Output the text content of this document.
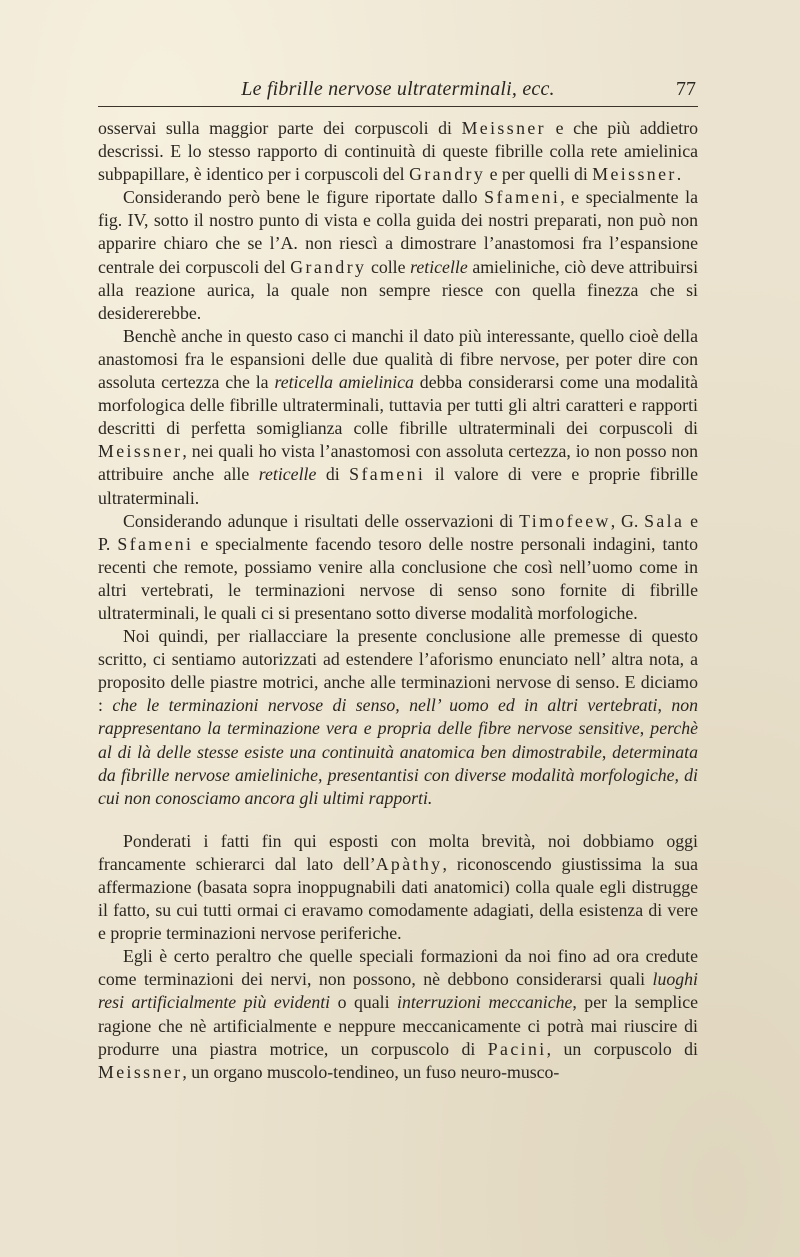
Le fibrille nervose ultraterminali, ecc.	77

osservai sulla maggior parte dei corpuscoli di Meissner e che più addietro descrissi. E lo stesso rapporto di continuità di queste fibrille colla rete amielinica subpapillare, è identico per i corpuscoli del Grandry e per quelli di Meissner.

Considerando però bene le figure riportate dallo Sfameni, e specialmente la fig. IV, sotto il nostro punto di vista e colla guida dei nostri preparati, non può non apparire chiaro che se l’A. non riescì a dimostrare l’anastomosi fra l’espansione centrale dei corpuscoli del Grandry colle reticelle amieliniche, ciò deve attribuirsi alla reazione aurica, la quale non sempre riesce con quella finezza che si desidererebbe.

Benchè anche in questo caso ci manchi il dato più interessante, quello cioè della anastomosi fra le espansioni delle due qualità di fibre nervose, per poter dire con assoluta certezza che la reticella amielinica debba considerarsi come una modalità morfologica delle fibrille ultraterminali, tuttavia per tutti gli altri caratteri e rapporti descritti di perfetta somiglianza colle fibrille ultraterminali dei corpuscoli di Meissner, nei quali ho vista l’anastomosi con assoluta certezza, io non posso non attribuire anche alle reticelle di Sfameni il valore di vere e proprie fibrille ultraterminali.

Considerando adunque i risultati delle osservazioni di Timofeew, G. Sala e P. Sfameni e specialmente facendo tesoro delle nostre personali indagini, tanto recenti che remote, possiamo venire alla conclusione che così nell’uomo come in altri vertebrati, le terminazioni nervose di senso sono fornite di fibrille ultraterminali, le quali ci si presentano sotto diverse modalità morfologiche.

Noi quindi, per riallacciare la presente conclusione alle premesse di questo scritto, ci sentiamo autorizzati ad estendere l’aforismo enunciato nell’ altra nota, a proposito delle piastre motrici, anche alle terminazioni nervose di senso. E diciamo : che le terminazioni nervose di senso, nell’ uomo ed in altri vertebrati, non rappresentano la terminazione vera e propria delle fibre nervose sensitive, perchè al di là delle stesse esiste una continuità anatomica ben dimostrabile, determinata da fibrille nervose amieliniche, presentantisi con diverse modalità morfologiche, di cui non conosciamo ancora gli ultimi rapporti.

Ponderati i fatti fin qui esposti con molta brevità, noi dobbiamo oggi francamente schierarci dal lato dell’Apàthy, riconoscendo giustissima la sua affermazione (basata sopra inoppugnabili dati anatomici) colla quale egli distrugge il fatto, su cui tutti ormai ci eravamo comodamente adagiati, della esistenza di vere e proprie terminazioni nervose periferiche.

Egli è certo peraltro che quelle speciali formazioni da noi fino ad ora credute come terminazioni dei nervi, non possono, nè debbono considerarsi quali luoghi resi artificialmente più evidenti o quali interruzioni meccaniche, per la semplice ragione che nè artificialmente e neppure meccanicamente ci potrà mai riuscire di produrre una piastra motrice, un corpuscolo di Pacini, un corpuscolo di Meissner, un organo muscolo-tendineo, un fuso neuro-musco-
